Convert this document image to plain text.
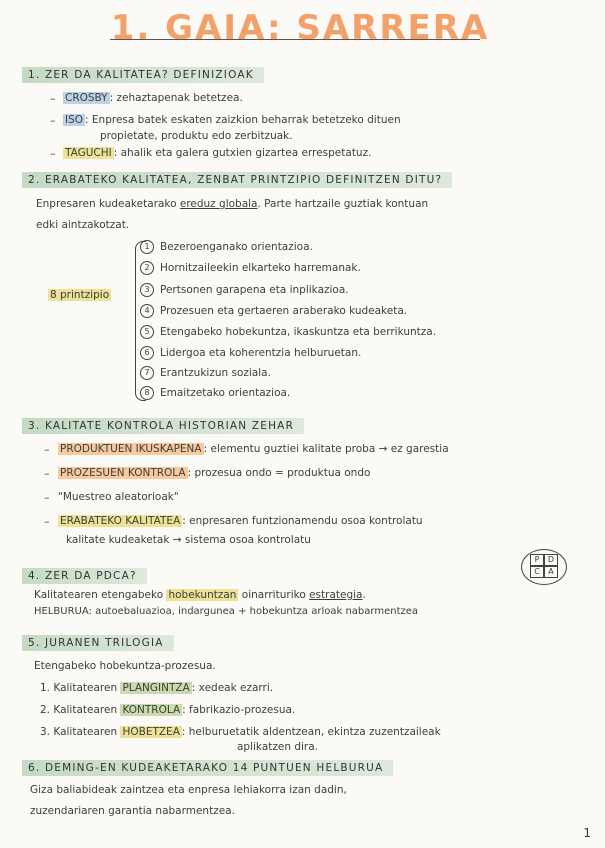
1. GAIA: SARRERA
1. ZER DA KALITATEA? DEFINIZIOAK
– CROSBY : zehaztapenak betetzea.
– ISO : Enpresa batek eskaten zaizkion beharrak betetzeko dituen
propietate, produktu edo zerbitzuak.
– TAGUCHI : ahalik eta galera gutxien gizartea errespetatuz.
2. ERABATEKO KALITATEA, ZENBAT PRINTZIPIO DEFINITZEN DITU?
Enpresaren kudeaketarako ereduz globala. Parte hartzaile guztiak kontuan
edki aintzakotzat.
8 printzipio
1 Bezeroenganako orientazioa.
2 Hornitzaileekin elkarteko harremanak.
3 Pertsonen garapena eta inplikazioa.
4 Prozesuen eta gertaeren araberako kudeaketa.
5 Etengabeko hobekuntza, ikaskuntza eta berrikuntza.
6 Lidergoa eta koherentzia helburuetan.
7 Erantzukizun soziala.
8 Emaitzetako orientazioa.
3. KALITATE KONTROLA HISTORIAN ZEHAR
– PRODUKTUEN IKUSKAPENA : elementu guztiei kalitate proba → ez garestia
– PROZESUEN KONTROLA : prozesua ondo = produktua ondo
– "Muestreo aleatorioak"
– ERABATEKO KALITATEA : enpresaren funtzionamendu osoa kontrolatu
kalitate kudeaketak → sistema osoa kontrolatu
4. ZER DA PDCA?
P	D
C	A
Kalitatearen etengabeko hobekuntzan oinarrituriko estrategia.
HELBURUA: autoebaluazioa, indargunea + hobekuntza arloak nabarmentzea
5. JURANEN TRILOGIA
Etengabeko hobekuntza-prozesua.
1. Kalitatearen PLANGINTZA : xedeak ezarri.
2. Kalitatearen KONTROLA : fabrikazio-prozesua.
3. Kalitatearen HOBETZEA : helburuetatik aldentzean, ekintza zuzentzaileak
aplikatzen dira.
6. DEMING-EN KUDEAKETARAKO 14 PUNTUEN HELBURUA
Giza baliabideak zaintzea eta enpresa lehiakorra izan dadin,
zuzendariaren garantia nabarmentzea.
1
